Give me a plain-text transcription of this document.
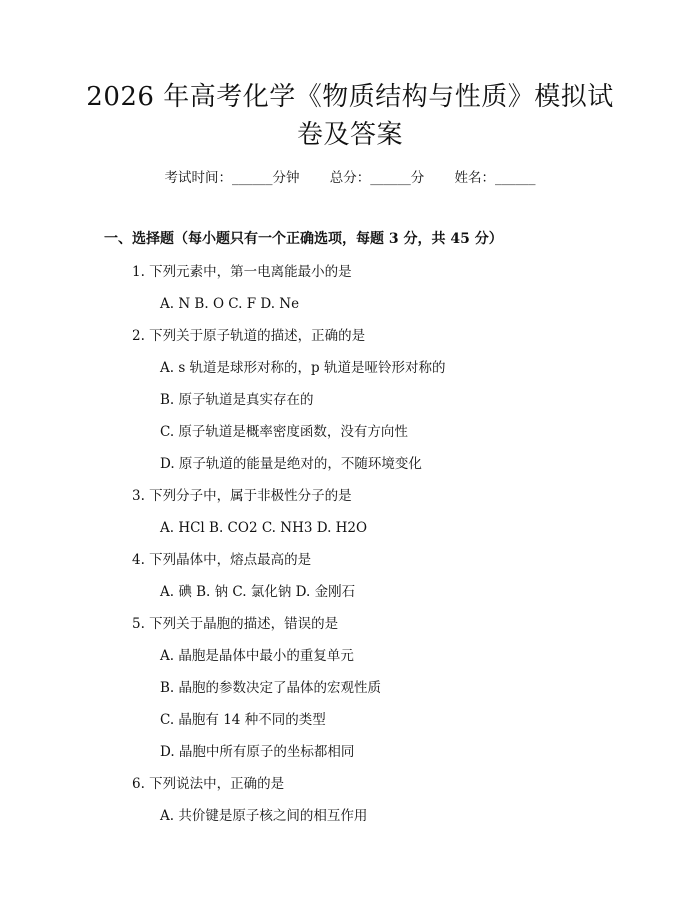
2026 年高考化学《物质结构与性质》模拟试
卷及答案
考试时间：______分钟 总分：______分 姓名：______
一、选择题（每小题只有一个正确选项，每题 3 分，共 45 分）
1. 下列元素中，第一电离能最小的是
A. N B. O C. F D. Ne
2. 下列关于原子轨道的描述，正确的是
A. s 轨道是球形对称的，p 轨道是哑铃形对称的
B. 原子轨道是真实存在的
C. 原子轨道是概率密度函数，没有方向性
D. 原子轨道的能量是绝对的，不随环境变化
3. 下列分子中，属于非极性分子的是
A. HCl B. CO2 C. NH3 D. H2O
4. 下列晶体中，熔点最高的是
A. 碘 B. 钠 C. 氯化钠 D. 金刚石
5. 下列关于晶胞的描述，错误的是
A. 晶胞是晶体中最小的重复单元
B. 晶胞的参数决定了晶体的宏观性质
C. 晶胞有 14 种不同的类型
D. 晶胞中所有原子的坐标都相同
6. 下列说法中，正确的是
A. 共价键是原子核之间的相互作用
